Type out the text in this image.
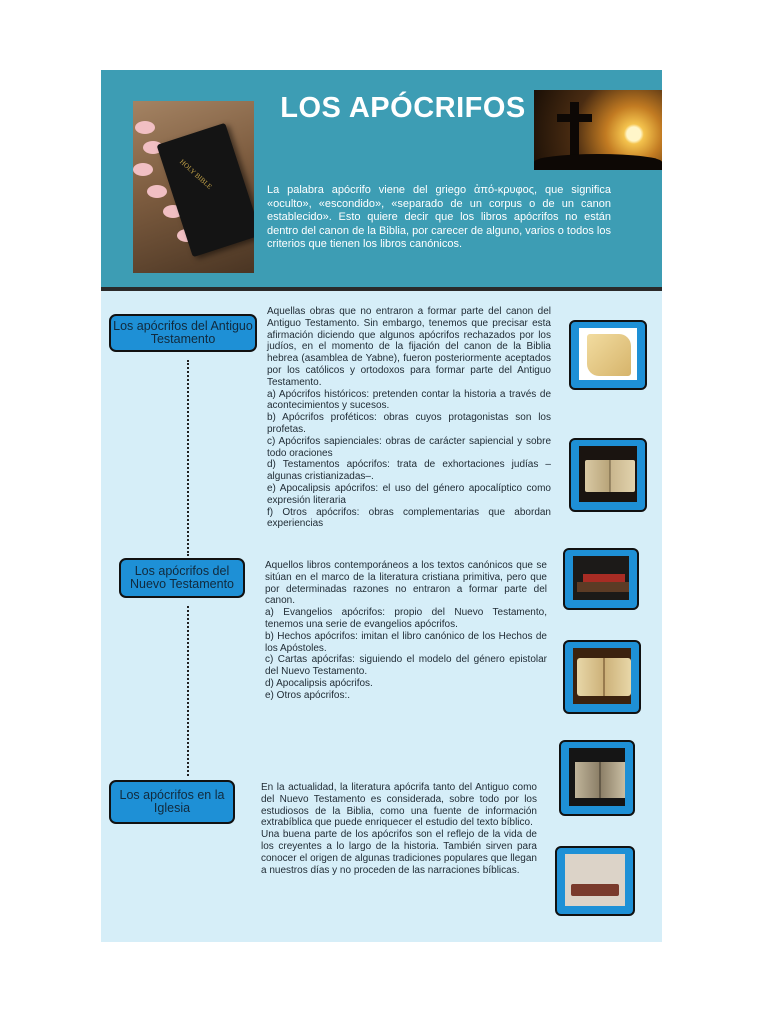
HOLY BIBLE
LOS APÓCRIFOS
La palabra apócrifo viene del griego ἀπό-κρυφος, que significa «oculto», «escondido», «separado de un corpus o de un canon establecido». Esto quiere decir que los libros apócrifos no están dentro del canon de la Biblia, por carecer de alguno, varios o todos los criterios que tienen los libros canónicos.
Los apócrifos del Antiguo Testamento

Aquellas obras que no entraron a formar parte del canon del Antiguo Testamento. Sin embargo, tenemos que precisar esta afirmación diciendo que algunos apócrifos rechazados por los judíos, en el momento de la fijación del canon de la Biblia hebrea (asamblea de Yabne), fueron posteriormente aceptados por los católicos y ortodoxos para formar parte del Antiguo Testamento.

a) Apócrifos históricos: pretenden contar la historia a través de acontecimientos y sucesos.

b) Apócrifos proféticos: obras cuyos protagonistas son los profetas.

c) Apócrifos sapienciales: obras de carácter sapiencial y sobre todo oraciones

d) Testamentos apócrifos: trata de exhortaciones judías –algunas cristianizadas–.

e) Apocalipsis apócrifos: el uso del género apocalíptico como expresión literaria

f) Otros apócrifos: obras complementarias que abordan experiencias

Los apócrifos del Nuevo Testamento

Aquellos libros contemporáneos a los textos canónicos que se sitúan en el marco de la literatura cristiana primitiva, pero que por determinadas razones no entraron a formar parte del canon.

a) Evangelios apócrifos: propio del Nuevo Testamento, tenemos una serie de evangelios apócrifos.

b) Hechos apócrifos: imitan el libro canónico de los Hechos de los Apóstoles.

c) Cartas apócrifas: siguiendo el modelo del género epistolar del Nuevo Testamento.

d) Apocalipsis apócrifos.

e) Otros apócrifos:.

Los apócrifos en la Iglesia

En la actualidad, la literatura apócrifa tanto del Antiguo como del Nuevo Testamento es considerada, sobre todo por los estudiosos de la Biblia, como una fuente de información extrabíblica que puede enriquecer el estudio del texto bíblico.

Una buena parte de los apócrifos son el reflejo de la vida de los creyentes a lo largo de la historia. También sirven para conocer el origen de algunas tradiciones populares que llegan a nuestros días y no proceden de las narraciones bíblicas.
